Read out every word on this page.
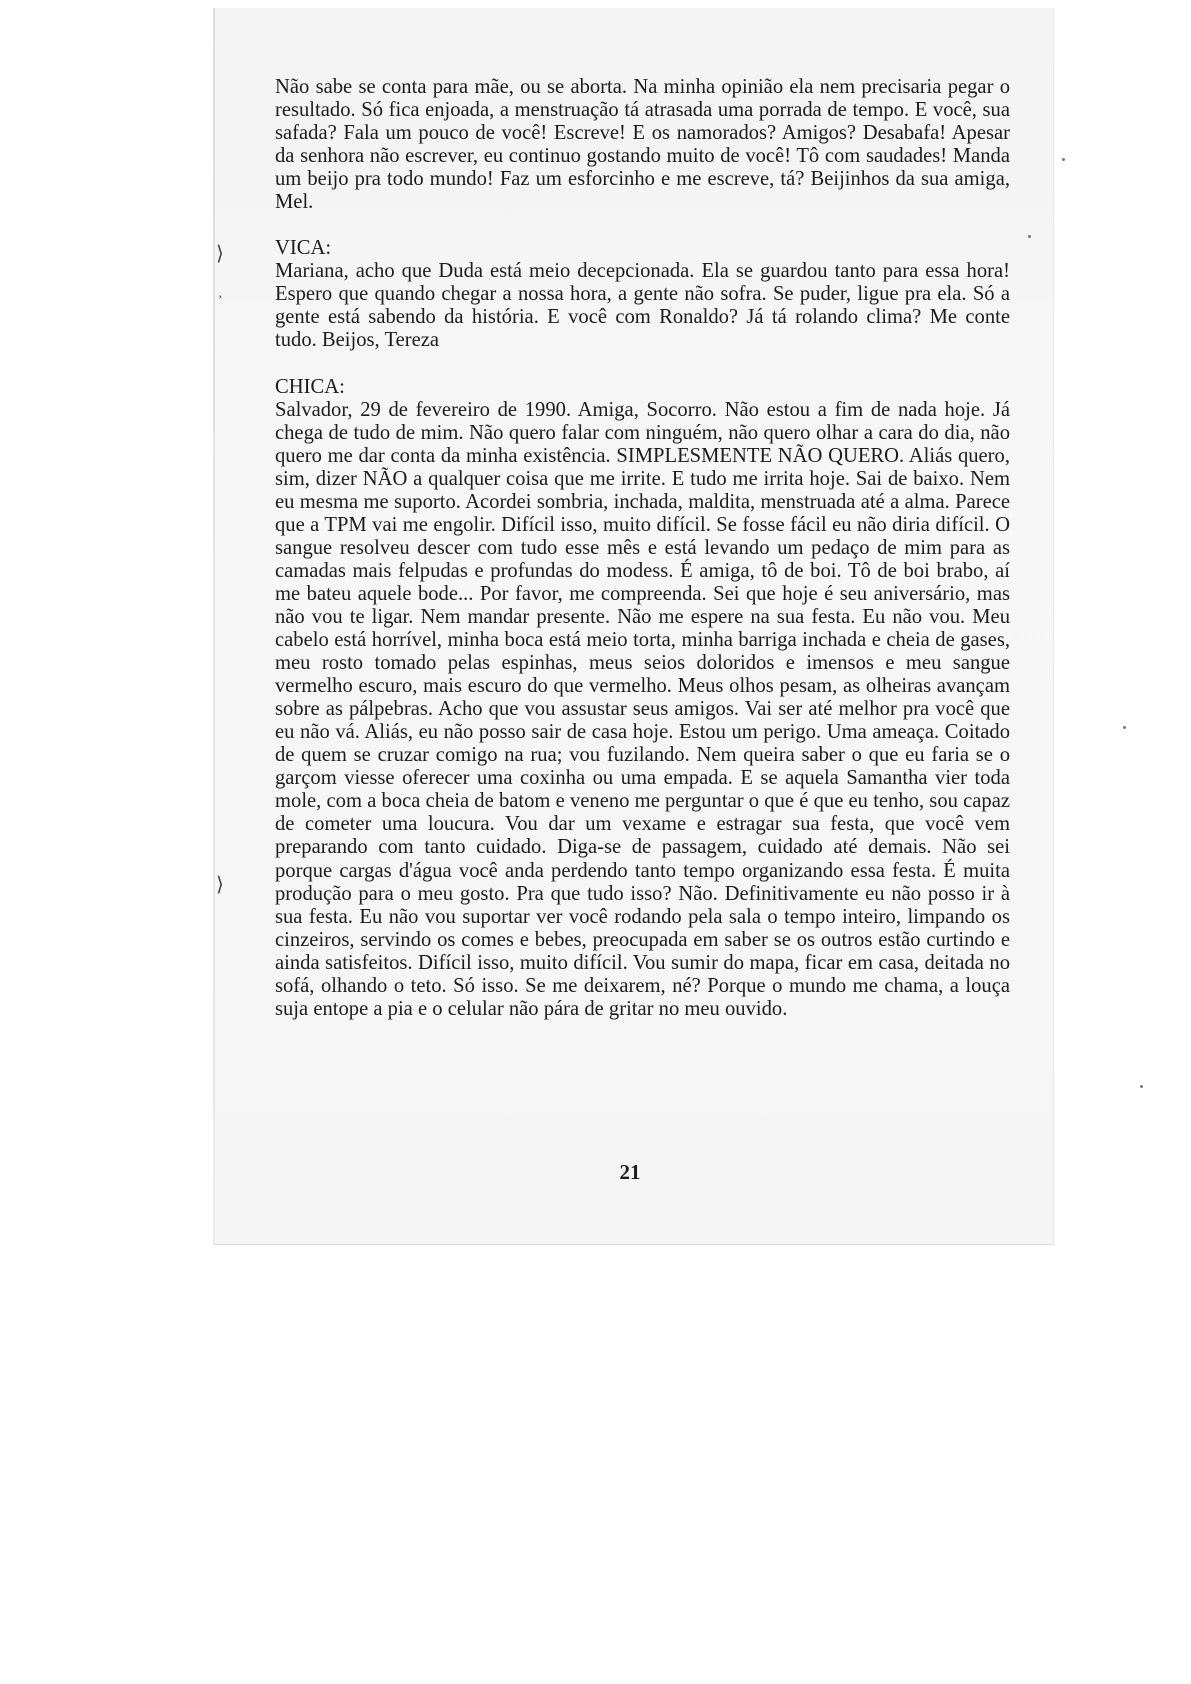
⟩
’
⟩

Não sabe se conta para mãe, ou se aborta. Na minha opinião ela nem precisaria pegar o resultado. Só fica enjoada, a menstruação tá atrasada uma porrada de tempo. E você, sua safada? Fala um pouco de você! Escreve! E os namorados? Amigos? Desabafa! Apesar da senhora não escrever, eu continuo gostando muito de você! Tô com saudades! Manda um beijo pra todo mundo! Faz um esforcinho e me escreve, tá? Beijinhos da sua amiga, Mel.

VICA:

Mariana, acho que Duda está meio decepcionada. Ela se guardou tanto para essa hora! Espero que quando chegar a nossa hora, a gente não sofra. Se puder, ligue pra ela. Só a gente está sabendo da história. E você com Ronaldo? Já tá rolando clima? Me conte tudo. Beijos, Tereza

CHICA:

Salvador, 29 de fevereiro de 1990. Amiga, Socorro. Não estou a fim de nada hoje. Já chega de tudo de mim. Não quero falar com ninguém, não quero olhar a cara do dia, não quero me dar conta da minha existência. SIMPLESMENTE NÃO QUERO. Aliás quero, sim, dizer NÃO a qualquer coisa que me irrite. E tudo me irrita hoje. Sai de baixo. Nem eu mesma me suporto. Acordei sombria, inchada, maldita, menstruada até a alma. Parece que a TPM vai me engolir. Difícil isso, muito difícil. Se fosse fácil eu não diria difícil. O sangue resolveu descer com tudo esse mês e está levando um pedaço de mim para as camadas mais felpudas e profundas do modess. É amiga, tô de boi. Tô de boi brabo, aí me bateu aquele bode... Por favor, me compreenda. Sei que hoje é seu aniversário, mas não vou te ligar. Nem mandar presente. Não me espere na sua festa. Eu não vou. Meu cabelo está horrível, minha boca está meio torta, minha barriga inchada e cheia de gases, meu rosto tomado pelas espinhas, meus seios doloridos e imensos e meu sangue vermelho escuro, mais escuro do que vermelho. Meus olhos pesam, as olheiras avançam sobre as pálpebras. Acho que vou assustar seus amigos. Vai ser até melhor pra você que eu não vá. Aliás, eu não posso sair de casa hoje. Estou um perigo. Uma ameaça. Coitado de quem se cruzar comigo na rua; vou fuzilando. Nem queira saber o que eu faria se o garçom viesse oferecer uma coxinha ou uma empada. E se aquela Samantha vier toda mole, com a boca cheia de batom e veneno me perguntar o que é que eu tenho, sou capaz de cometer uma loucura. Vou dar um vexame e estragar sua festa, que você vem preparando com tanto cuidado. Diga-se de passagem, cuidado até demais. Não sei porque cargas d'água você anda perdendo tanto tempo organizando essa festa. É muita produção para o meu gosto. Pra que tudo isso? Não. Definitivamente eu não posso ir à sua festa. Eu não vou suportar ver você rodando pela sala o tempo inteiro, limpando os cinzeiros, servindo os comes e bebes, preocupada em saber se os outros estão curtindo e ainda satisfeitos. Difícil isso, muito difícil. Vou sumir do mapa, ficar em casa, deitada no sofá, olhando o teto. Só isso. Se me deixarem, né? Porque o mundo me chama, a louça suja entope a pia e o celular não pára de gritar no meu ouvido.

21
